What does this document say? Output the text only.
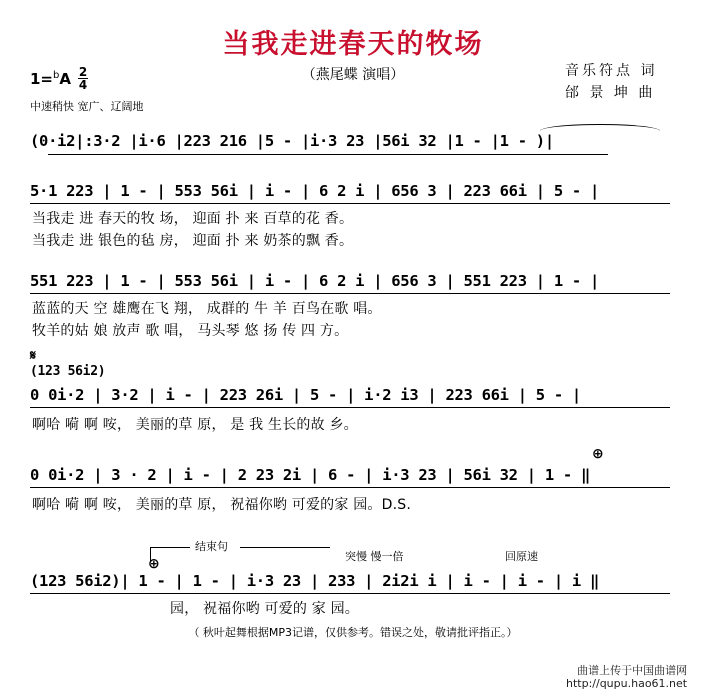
当我走进春天的牧场
（燕尾蝶 演唱）	音乐符点 词
邰 景 坤 曲
1=$^b$A 2
4
中速稍快 宽广、辽阔地
(0·i2|:3·2 |i·6 |223 216 |5 - |i·3 23 |56i 32 |1 - |1 - )|
5·1 223 | 1 - | 553 56i | i - | 6 2 i | 656 3 | 223 66i | 5 - |
当我走 进 春天的牧 场， 迎面 扑 来 百草的花 香。
当我走 进 银色的毡 房， 迎面 扑 来 奶茶的飘 香。
551 223 | 1 - | 553 56i | i - | 6 2 i | 656 3 | 551 223 | 1 - |
蓝蓝的天 空 雄鹰在飞 翔， 成群的 牛 羊 百鸟在歌 唱。
牧羊的姑 娘 放声 歌 唱， 马头琴 悠 扬 传 四 方。
𝄋
(123 56i2)
0 0i·2 | 3·2 | i - | 223 26i | 5 - | i·2 i3 | 223 66i | 5 - |
啊哈 嗬 啊 咹， 美丽的草 原， 是 我 生长的故 乡。
⊕
0 0i·2 | 3 · 2 | i - | 2 23 2i | 6 - | i·3 23 | 56i 32 | 1 - ‖
啊哈 嗬 啊 咹， 美丽的草 原， 祝福你哟 可爱的家 园。D.S.
结束句
突慢 慢一倍	回原速
⊕
(123 56i2)| 1 - | 1 - | i·3 23 | 233 | 2i2i i | i - | i - | i ‖
园， 祝福你哟 可爱的 家 园。
（ 秋叶起舞根据MP3记谱，仅供参考。错误之处，敬请批评指正。）
曲谱上传于中国曲谱网
http://qupu.hao61.net
